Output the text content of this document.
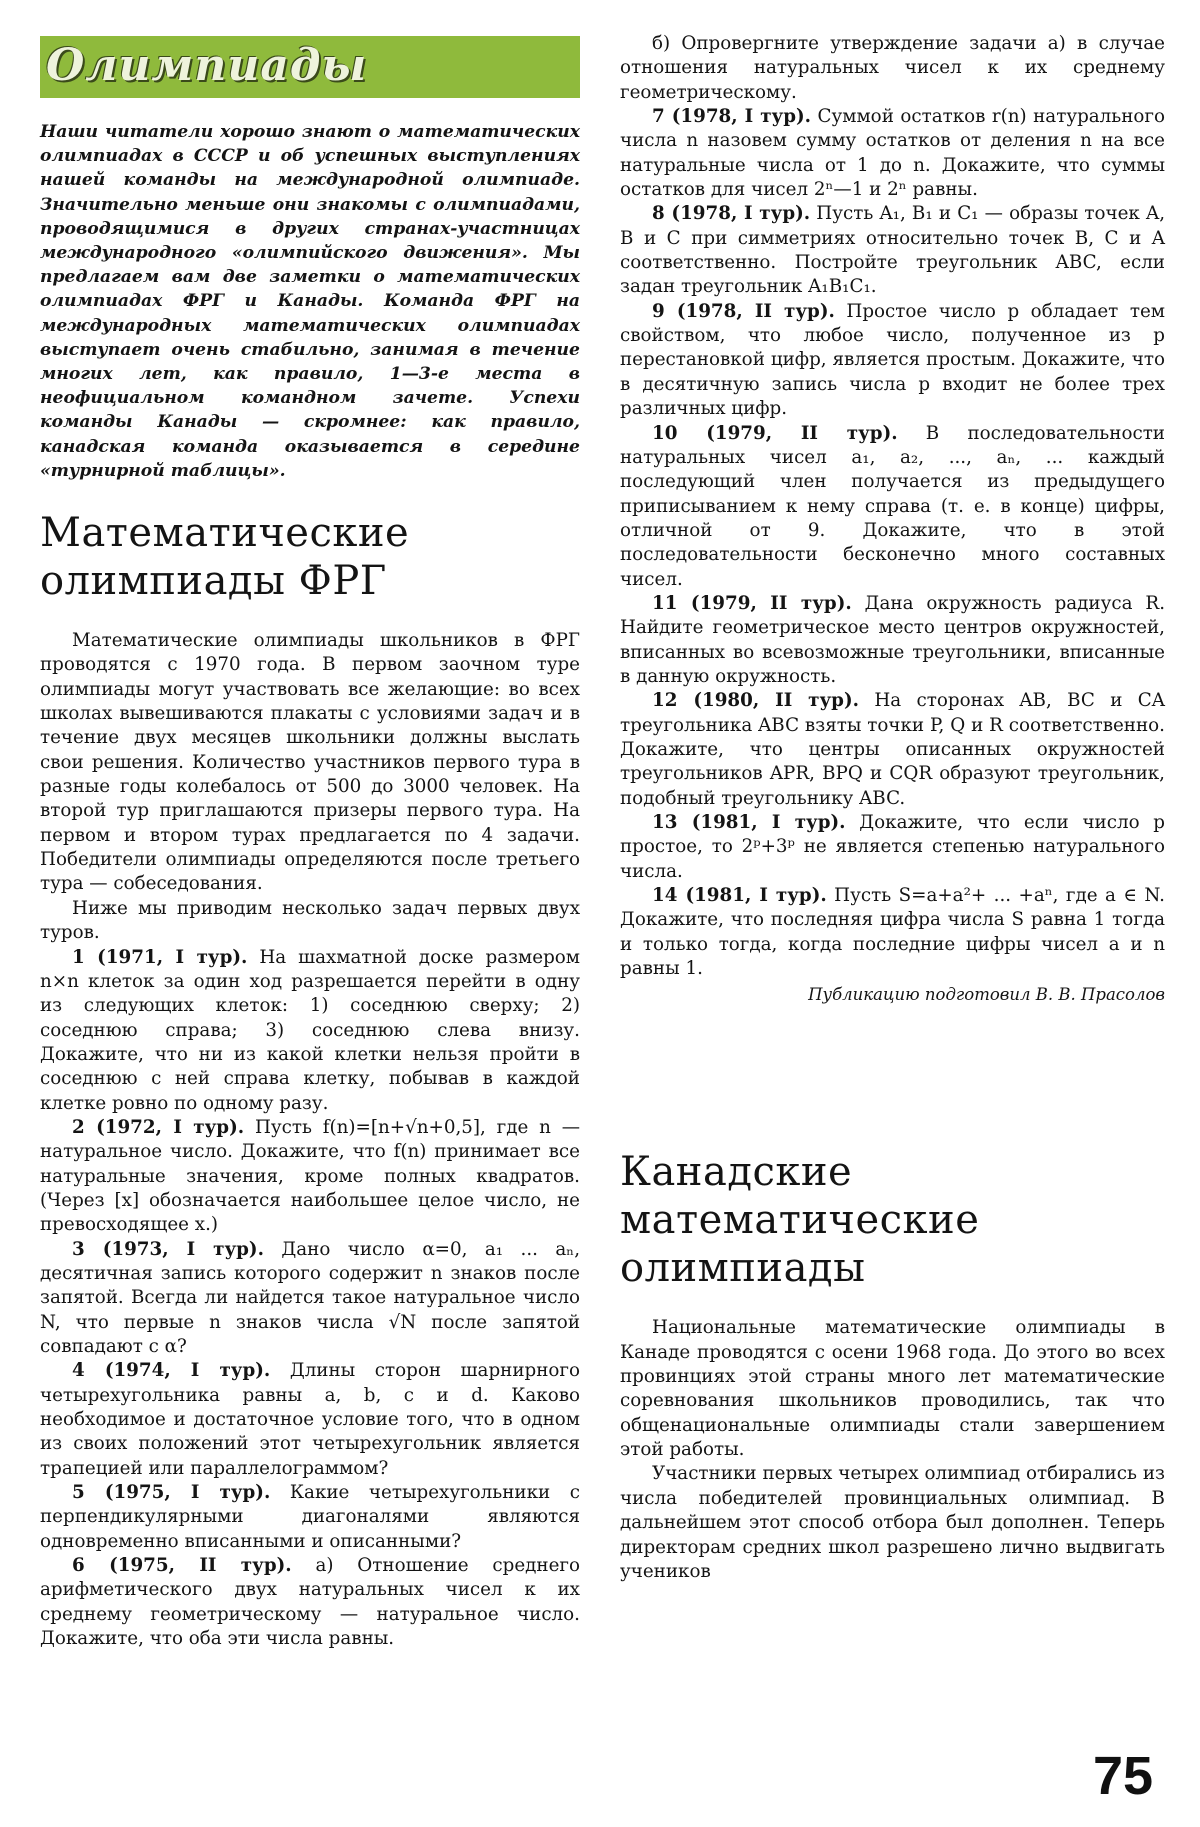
Олимпиады
Наши читатели хорошо знают о математических олимпиадах в СССР и об успешных выступлениях нашей команды на международной олимпиаде. Значительно меньше они знакомы с олимпиадами, проводящимися в других странах-участницах международного «олимпийского движения». Мы предлагаем вам две заметки о математических олимпиадах ФРГ и Канады. Команда ФРГ на международных математических олимпиадах выступает очень стабильно, занимая в течение многих лет, как правило, 1—3-е места в неофициальном командном зачете. Успехи команды Канады — скромнее: как правило, канадская команда оказывается в середине «турнирной таблицы».
Математические олимпиады ФРГ

Математические олимпиады школьников в ФРГ проводятся с 1970 года. В первом заочном туре олимпиады могут участвовать все желающие: во всех школах вывешиваются плакаты с условиями задач и в течение двух месяцев школьники должны выслать свои решения. Количество участников первого тура в разные годы колебалось от 500 до 3000 человек. На второй тур приглашаются призеры первого тура. На первом и втором турах предлагается по 4 задачи. Победители олимпиады определяются после третьего тура — собеседования.

Ниже мы приводим несколько задач первых двух туров.

1 (1971, I тур). На шахматной доске размером n×n клеток за один ход разрешается перейти в одну из следующих клеток: 1) соседнюю сверху; 2) соседнюю справа; 3) соседнюю слева внизу. Докажите, что ни из какой клетки нельзя пройти в соседнюю с ней справа клетку, побывав в каждой клетке ровно по одному разу.

2 (1972, I тур). Пусть f(n)=[n+√n+0,5], где n — натуральное число. Докажите, что f(n) принимает все натуральные значения, кроме полных квадратов. (Через [x] обозначается наибольшее целое число, не превосходящее x.)

3 (1973, I тур). Дано число α=0, a₁ ... aₙ, десятичная запись которого содержит n знаков после запятой. Всегда ли найдется такое натуральное число N, что первые n знаков числа √N после запятой совпадают с α?

4 (1974, I тур). Длины сторон шарнирного четырехугольника равны a, b, c и d. Каково необходимое и достаточное условие того, что в одном из своих положений этот четырехугольник является трапецией или параллелограммом?

5 (1975, I тур). Какие четырехугольники с перпендикулярными диагоналями являются одновременно вписанными и описанными?

6 (1975, II тур). а) Отношение среднего арифметического двух натуральных чисел к их среднему геометрическому — натуральное число. Докажите, что оба эти числа равны.

б) Опровергните утверждение задачи а) в случае отношения натуральных чисел к их среднему геометрическому.

7 (1978, I тур). Суммой остатков r(n) натурального числа n назовем сумму остатков от деления n на все натуральные числа от 1 до n. Докажите, что суммы остатков для чисел 2ⁿ—1 и 2ⁿ равны.

8 (1978, I тур). Пусть A₁, B₁ и C₁ — образы точек A, B и C при симметриях относительно точек B, C и A соответственно. Постройте треугольник ABC, если задан треугольник A₁B₁C₁.

9 (1978, II тур). Простое число p обладает тем свойством, что любое число, полученное из p перестановкой цифр, является простым. Докажите, что в десятичную запись числа p входит не более трех различных цифр.

10 (1979, II тур). В последовательности натуральных чисел a₁, a₂, ..., aₙ, ... каждый последующий член получается из предыдущего приписыванием к нему справа (т. е. в конце) цифры, отличной от 9. Докажите, что в этой последовательности бесконечно много составных чисел.

11 (1979, II тур). Дана окружность радиуса R. Найдите геометрическое место центров окружностей, вписанных во всевозможные треугольники, вписанные в данную окружность.

12 (1980, II тур). На сторонах AB, BC и CA треугольника ABC взяты точки P, Q и R соответственно. Докажите, что центры описанных окружностей треугольников APR, BPQ и CQR образуют треугольник, подобный треугольнику ABC.

13 (1981, I тур). Докажите, что если число p простое, то 2ᵖ+3ᵖ не является степенью натурального числа.

14 (1981, I тур). Пусть S=a+a²+ ... +aⁿ, где a ∈ N. Докажите, что последняя цифра числа S равна 1 тогда и только тогда, когда последние цифры чисел a и n равны 1.

Публикацию подготовил В. В. Прасолов
Канадские математические олимпиады

Национальные математические олимпиады в Канаде проводятся с осени 1968 года. До этого во всех провинциях этой страны много лет математические соревнования школьников проводились, так что общенациональные олимпиады стали завершением этой работы.

Участники первых четырех олимпиад отбирались из числа победителей провинциальных олимпиад. В дальнейшем этот способ отбора был дополнен. Теперь директорам средних школ разрешено лично выдвигать учеников

75
